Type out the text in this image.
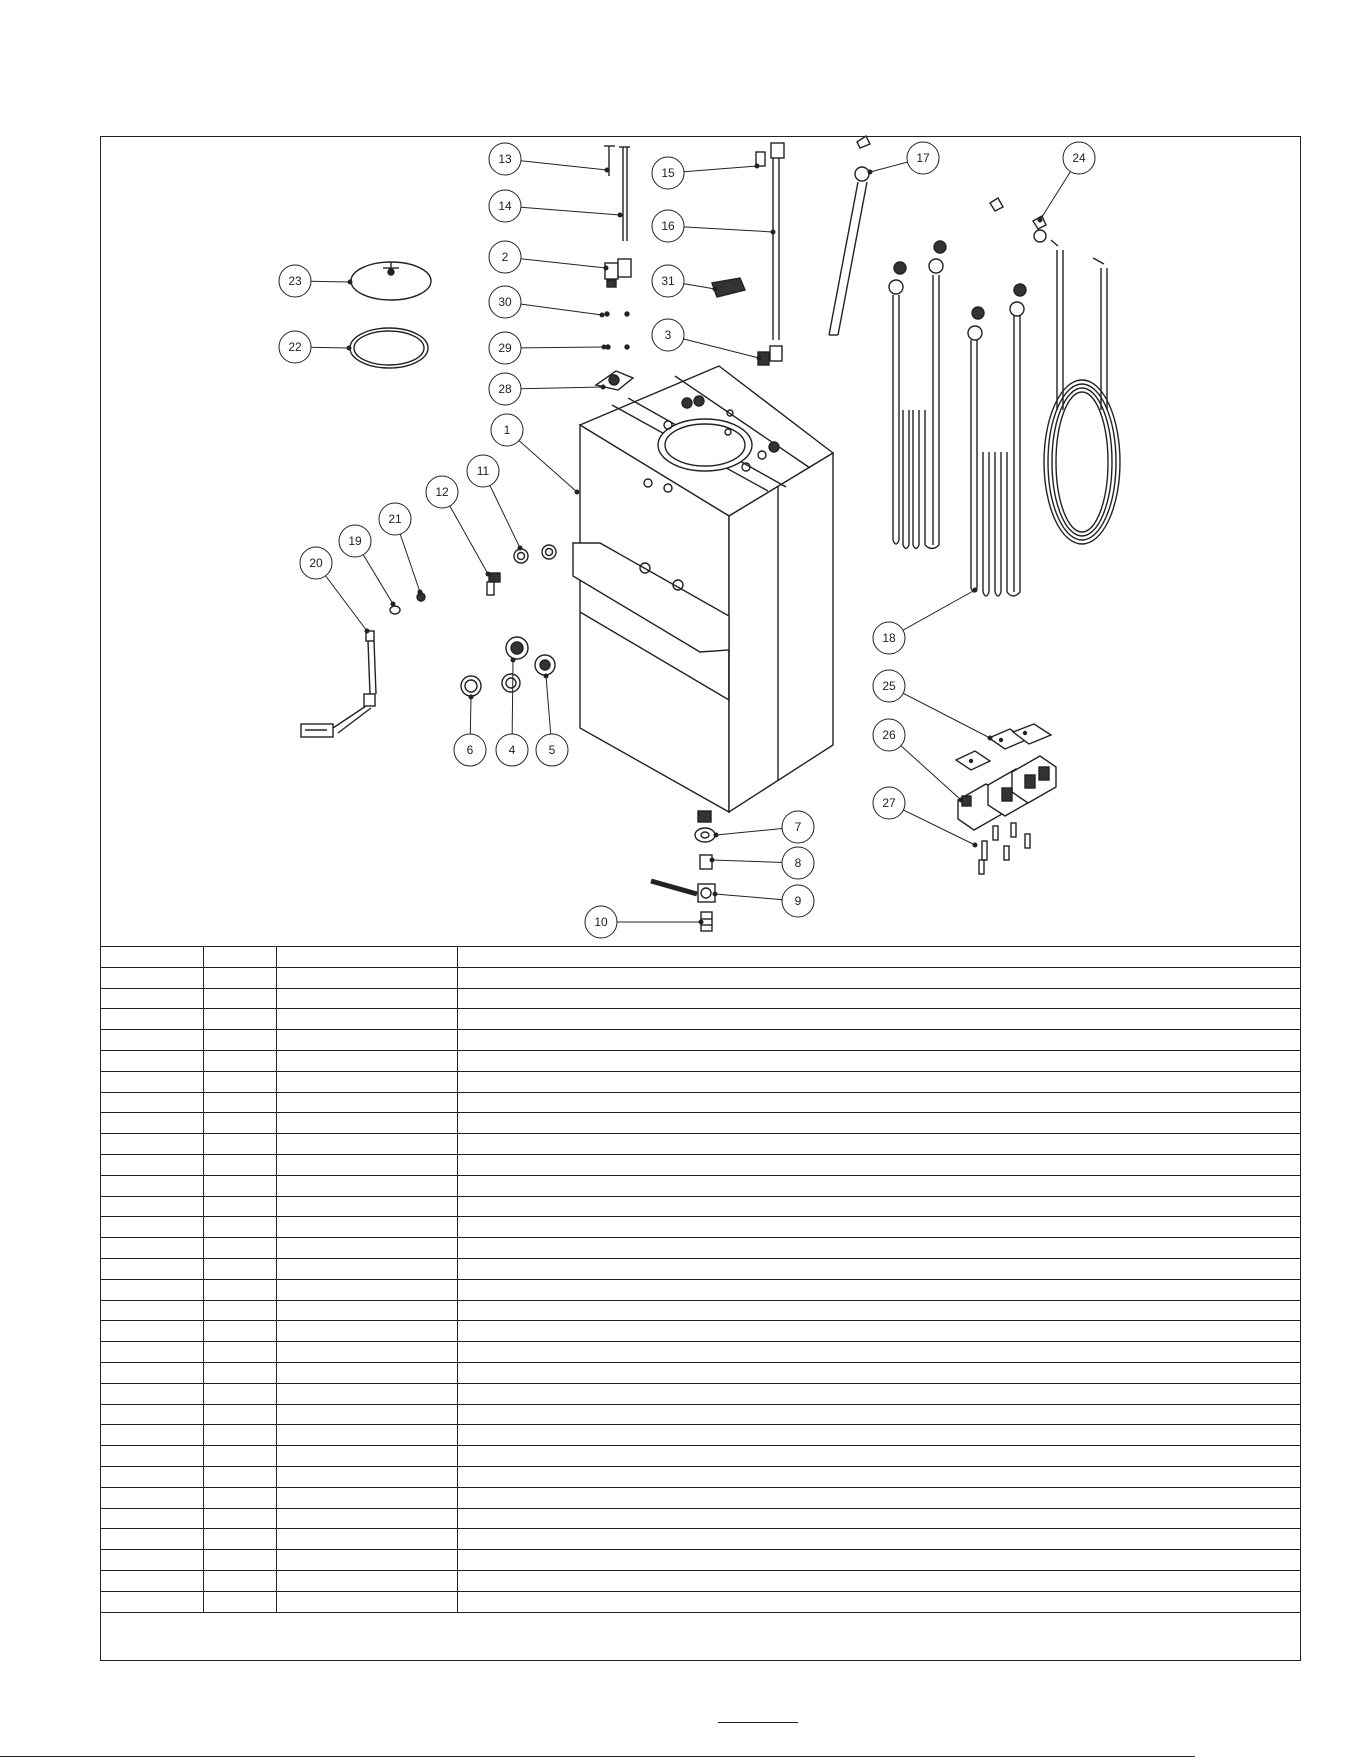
1
2
3
4	5
6
7
8
9
10
11
12
13
14
15
16
17
18
19
20
21
22
23
24
25
26
27
28
29
30
31
